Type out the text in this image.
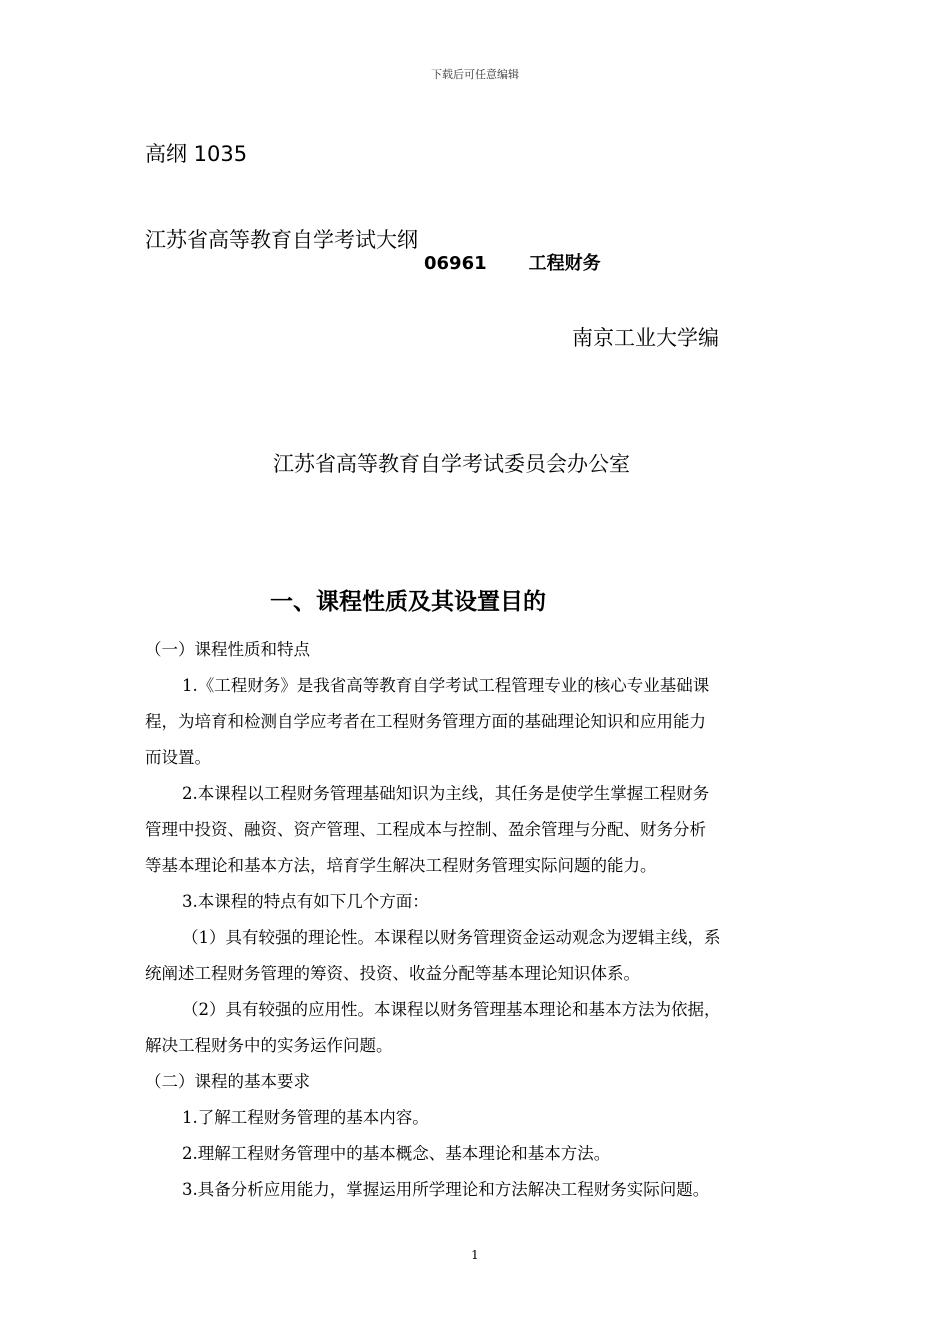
下载后可任意编辑
高纲 1035
江苏省高等教育自学考试大纲
06961 工程财务
南京工业大学编
江苏省高等教育自学考试委员会办公室
一、课程性质及其设置目的
（一）课程性质和特点
1.《工程财务》是我省高等教育自学考试工程管理专业的核心专业基础课
程，为培育和检测自学应考者在工程财务管理方面的基础理论知识和应用能力
而设置。
2.本课程以工程财务管理基础知识为主线，其任务是使学生掌握工程财务
管理中投资、融资、资产管理、工程成本与控制、盈余管理与分配、财务分析
等基本理论和基本方法，培育学生解决工程财务管理实际问题的能力。
3.本课程的特点有如下几个方面：
（1）具有较强的理论性。本课程以财务管理资金运动观念为逻辑主线，系
统阐述工程财务管理的筹资、投资、收益分配等基本理论知识体系。
（2）具有较强的应用性。本课程以财务管理基本理论和基本方法为依据，
解决工程财务中的实务运作问题。
（二）课程的基本要求
1.了解工程财务管理的基本内容。
2.理解工程财务管理中的基本概念、基本理论和基本方法。
3.具备分析应用能力，掌握运用所学理论和方法解决工程财务实际问题。
1
